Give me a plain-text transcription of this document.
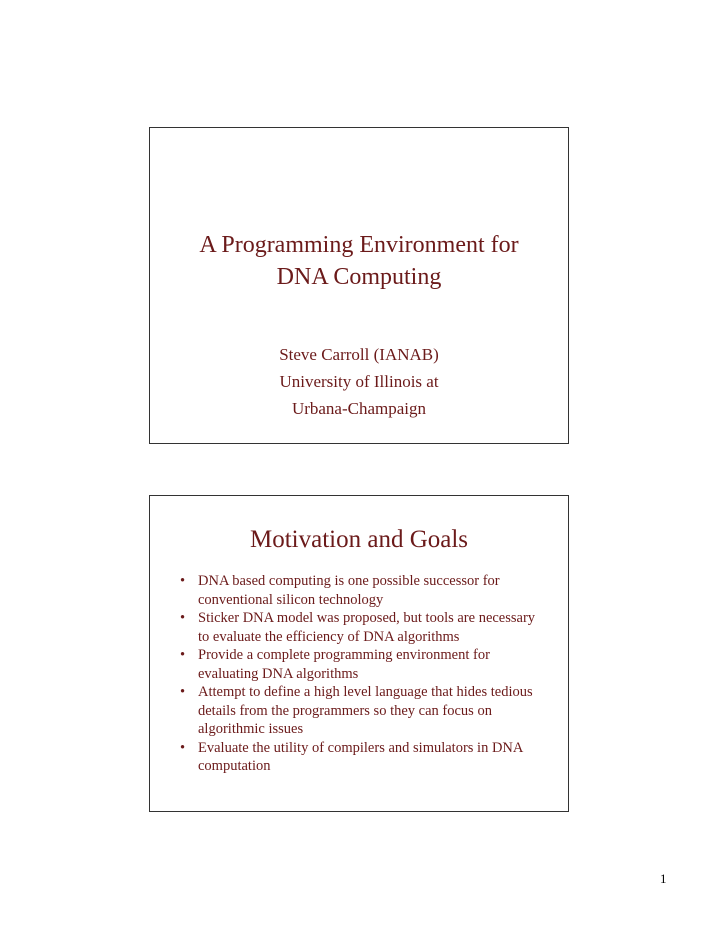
A Programming Environment for
DNA Computing
Steve Carroll (IANAB)
University of Illinois at
Urbana-Champaign
Motivation and Goals
• DNA based computing is one possible successor for conventional silicon technology
• Sticker DNA model was proposed, but tools are necessary to evaluate the efficiency of DNA algorithms
• Provide a complete programming environment for evaluating DNA algorithms
• Attempt to define a high level language that hides tedious details from the programmers so they can focus on algorithmic issues
• Evaluate the utility of compilers and simulators in DNA computation
1
